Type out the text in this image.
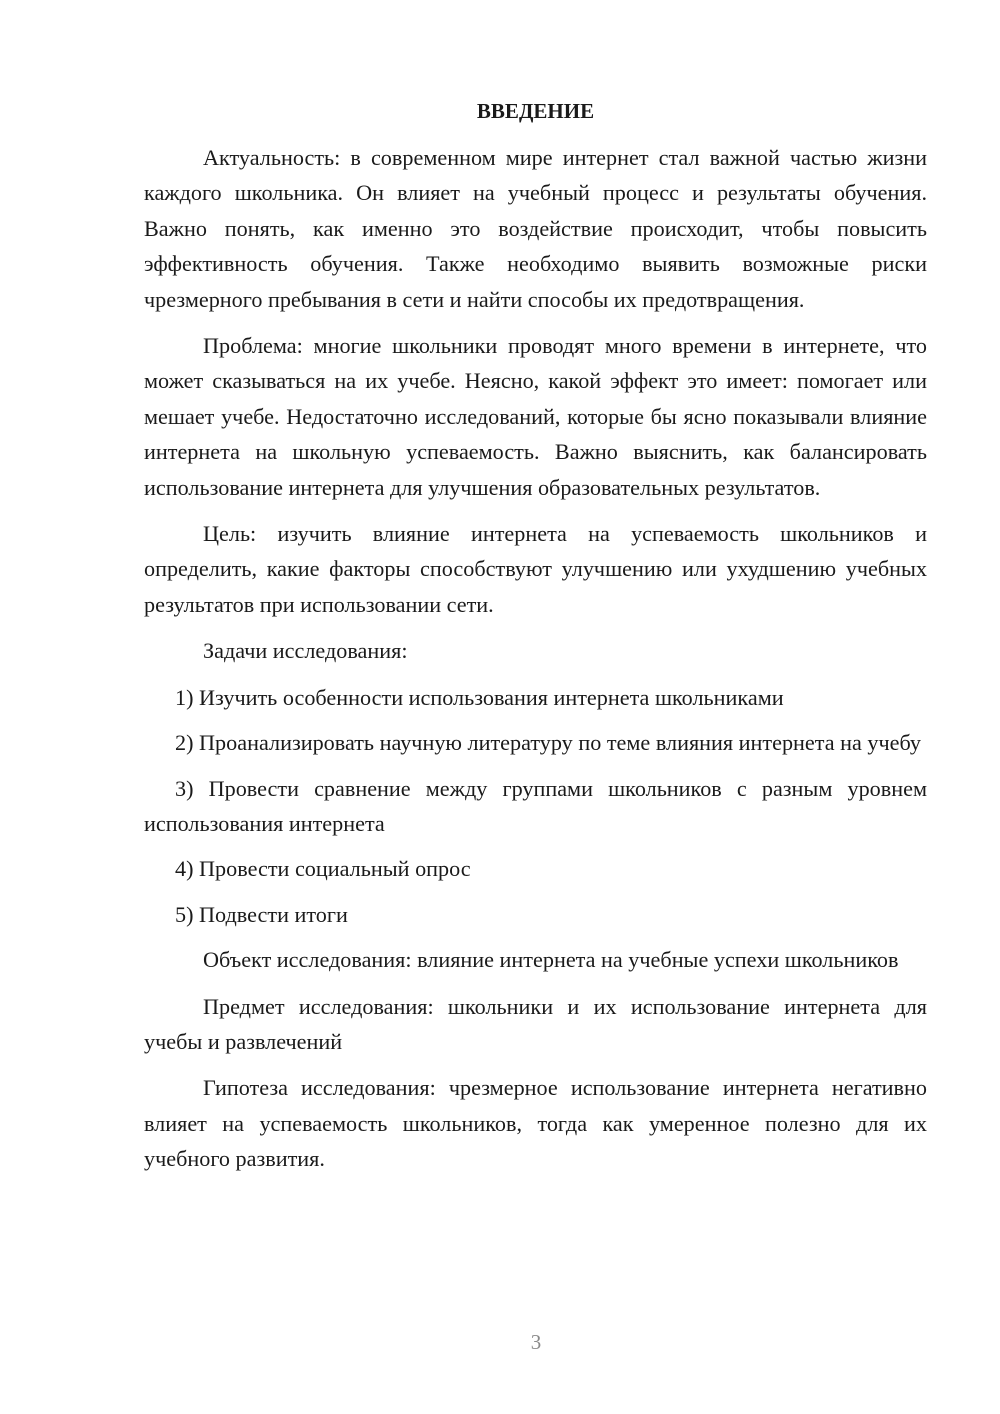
ВВЕДЕНИЕ

Актуальность: в современном мире интернет стал важной частью жизни каждого школьника. Он влияет на учебный процесс и результаты обучения. Важно понять, как именно это воздействие происходит, чтобы повысить эффективность обучения. Также необходимо выявить возможные риски чрезмерного пребывания в сети и найти способы их предотвращения.

Проблема: многие школьники проводят много времени в интернете, что может сказываться на их учебе. Неясно, какой эффект это имеет: помогает или мешает учебе. Недостаточно исследований, которые бы ясно показывали влияние интернета на школьную успеваемость. Важно выяснить, как балансировать использование интернета для улучшения образовательных результатов.

Цель: изучить влияние интернета на успеваемость школьников и определить, какие факторы способствуют улучшению или ухудшению учебных результатов при использовании сети.

Задачи исследования:

1) Изучить особенности использования интернета школьниками

2) Проанализировать научную литературу по теме влияния интернета на учебу

3) Провести сравнение между группами школьников с разным уровнем использования интернета

4) Провести социальный опрос

5) Подвести итоги

Объект исследования: влияние интернета на учебные успехи школьников

Предмет исследования: школьники и их использование интернета для учебы и развлечений

Гипотеза исследования: чрезмерное использование интернета негативно влияет на успеваемость школьников, тогда как умеренное полезно для их учебного развития.

3
